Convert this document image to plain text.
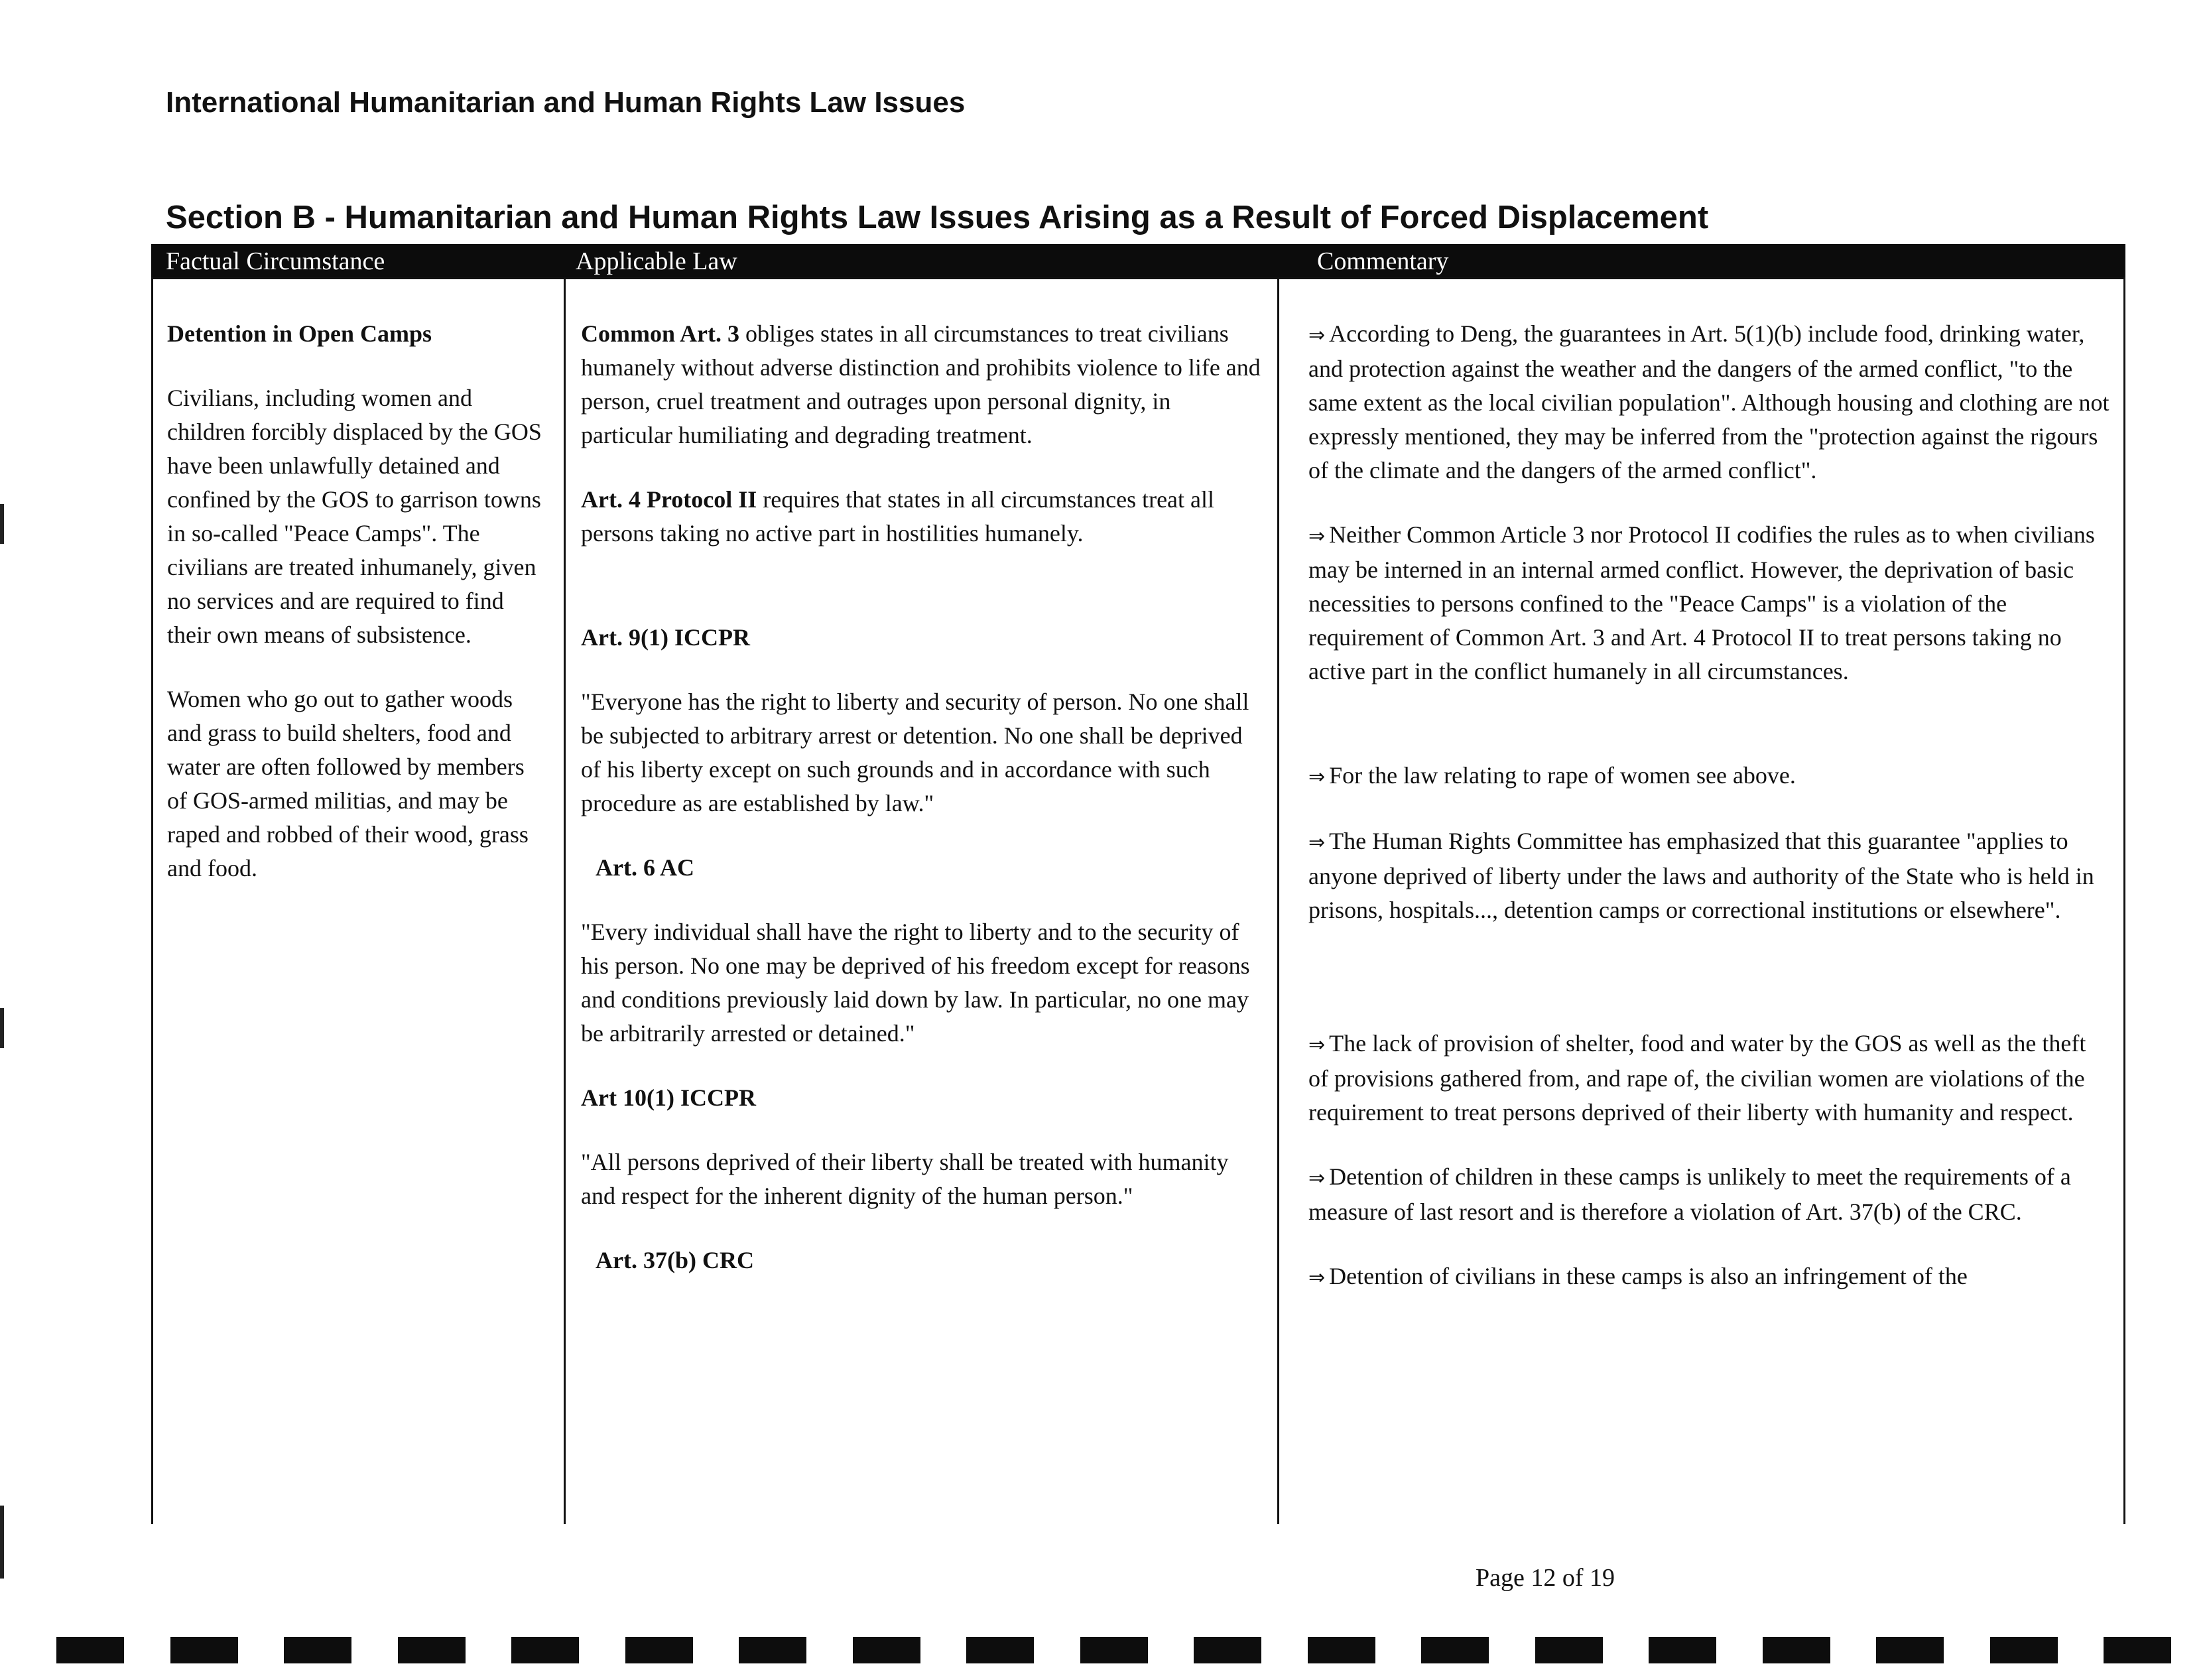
International Humanitarian and Human Rights Law Issues
Section B - Humanitarian and Human Rights Law Issues Arising as a Result of Forced Displacement
Factual Circumstance	Applicable Law	Commentary

Detention in Open Camps

Civilians, including women and children forcibly displaced by the GOS have been unlawfully detained and confined by the GOS to garrison towns in so-called "Peace Camps". The civilians are treated inhumanely, given no services and are required to find their own means of subsistence.

Women who go out to gather woods and grass to build shelters, food and water are often followed by members of GOS-armed militias, and may be raped and robbed of their wood, grass and food.

Common Art. 3 obliges states in all circumstances to treat civilians humanely without adverse distinction and prohibits violence to life and person, cruel treatment and outrages upon personal dignity, in particular humiliating and degrading treatment.

Art. 4 Protocol II requires that states in all circumstances treat all persons taking no active part in hostilities humanely.

Art. 9(1) ICCPR

"Everyone has the right to liberty and security of person. No one shall be subjected to arbitrary arrest or detention. No one shall be deprived of his liberty except on such grounds and in accordance with such procedure as are established by law."

Art. 6 AC

"Every individual shall have the right to liberty and to the security of his person. No one may be deprived of his freedom except for reasons and conditions previously laid down by law. In particular, no one may be arbitrarily arrested or detained."

Art 10(1) ICCPR

"All persons deprived of their liberty shall be treated with humanity and respect for the inherent dignity of the human person."

Art. 37(b) CRC

⇒ According to Deng, the guarantees in Art. 5(1)(b) include food, drinking water, and protection against the weather and the dangers of the armed conflict, "to the same extent as the local civilian population". Although housing and clothing are not expressly mentioned, they may be inferred from the "protection against the rigours of the climate and the dangers of the armed conflict".

⇒ Neither Common Article 3 nor Protocol II codifies the rules as to when civilians may be interned in an internal armed conflict. However, the deprivation of basic necessities to persons confined to the "Peace Camps" is a violation of the requirement of Common Art. 3 and Art. 4 Protocol II to treat persons taking no active part in the conflict humanely in all circumstances.

⇒ For the law relating to rape of women see above.

⇒ The Human Rights Committee has emphasized that this guarantee "applies to anyone deprived of liberty under the laws and authority of the State who is held in prisons, hospitals..., detention camps or correctional institutions or elsewhere".

⇒ The lack of provision of shelter, food and water by the GOS as well as the theft of provisions gathered from, and rape of, the civilian women are violations of the requirement to treat persons deprived of their liberty with humanity and respect.

⇒ Detention of children in these camps is unlikely to meet the requirements of a measure of last resort and is therefore a violation of Art. 37(b) of the CRC.

⇒ Detention of civilians in these camps is also an infringement of the

Page 12 of 19
